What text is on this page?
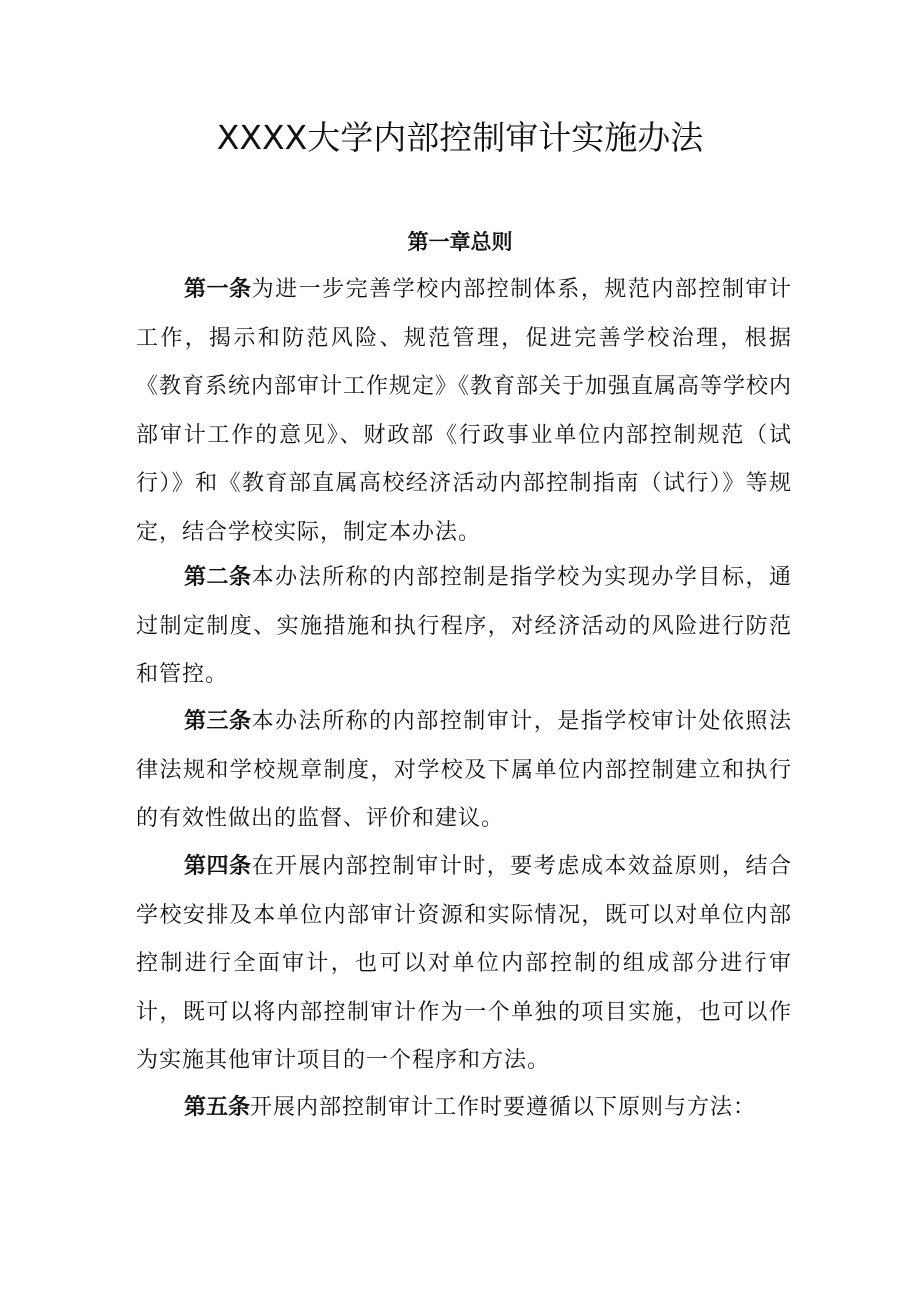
XXXX大学内部控制审计实施办法
第一章总则

第一条为进一步完善学校内部控制体系，规范内部控制审计工作，揭示和防范风险、规范管理，促进完善学校治理，根据《教育系统内部审计工作规定》《教育部关于加强直属高等学校内部审计工作的意见》、财政部《行政事业单位内部控制规范（试行）》和《教育部直属高校经济活动内部控制指南（试行）》等规定，结合学校实际，制定本办法。

第二条本办法所称的内部控制是指学校为实现办学目标，通过制定制度、实施措施和执行程序，对经济活动的风险进行防范和管控。

第三条本办法所称的内部控制审计，是指学校审计处依照法律法规和学校规章制度，对学校及下属单位内部控制建立和执行的有效性做出的监督、评价和建议。

第四条在开展内部控制审计时，要考虑成本效益原则，结合学校安排及本单位内部审计资源和实际情况，既可以对单位内部控制进行全面审计，也可以对单位内部控制的组成部分进行审计，既可以将内部控制审计作为一个单独的项目实施，也可以作为实施其他审计项目的一个程序和方法。

第五条开展内部控制审计工作时要遵循以下原则与方法：
